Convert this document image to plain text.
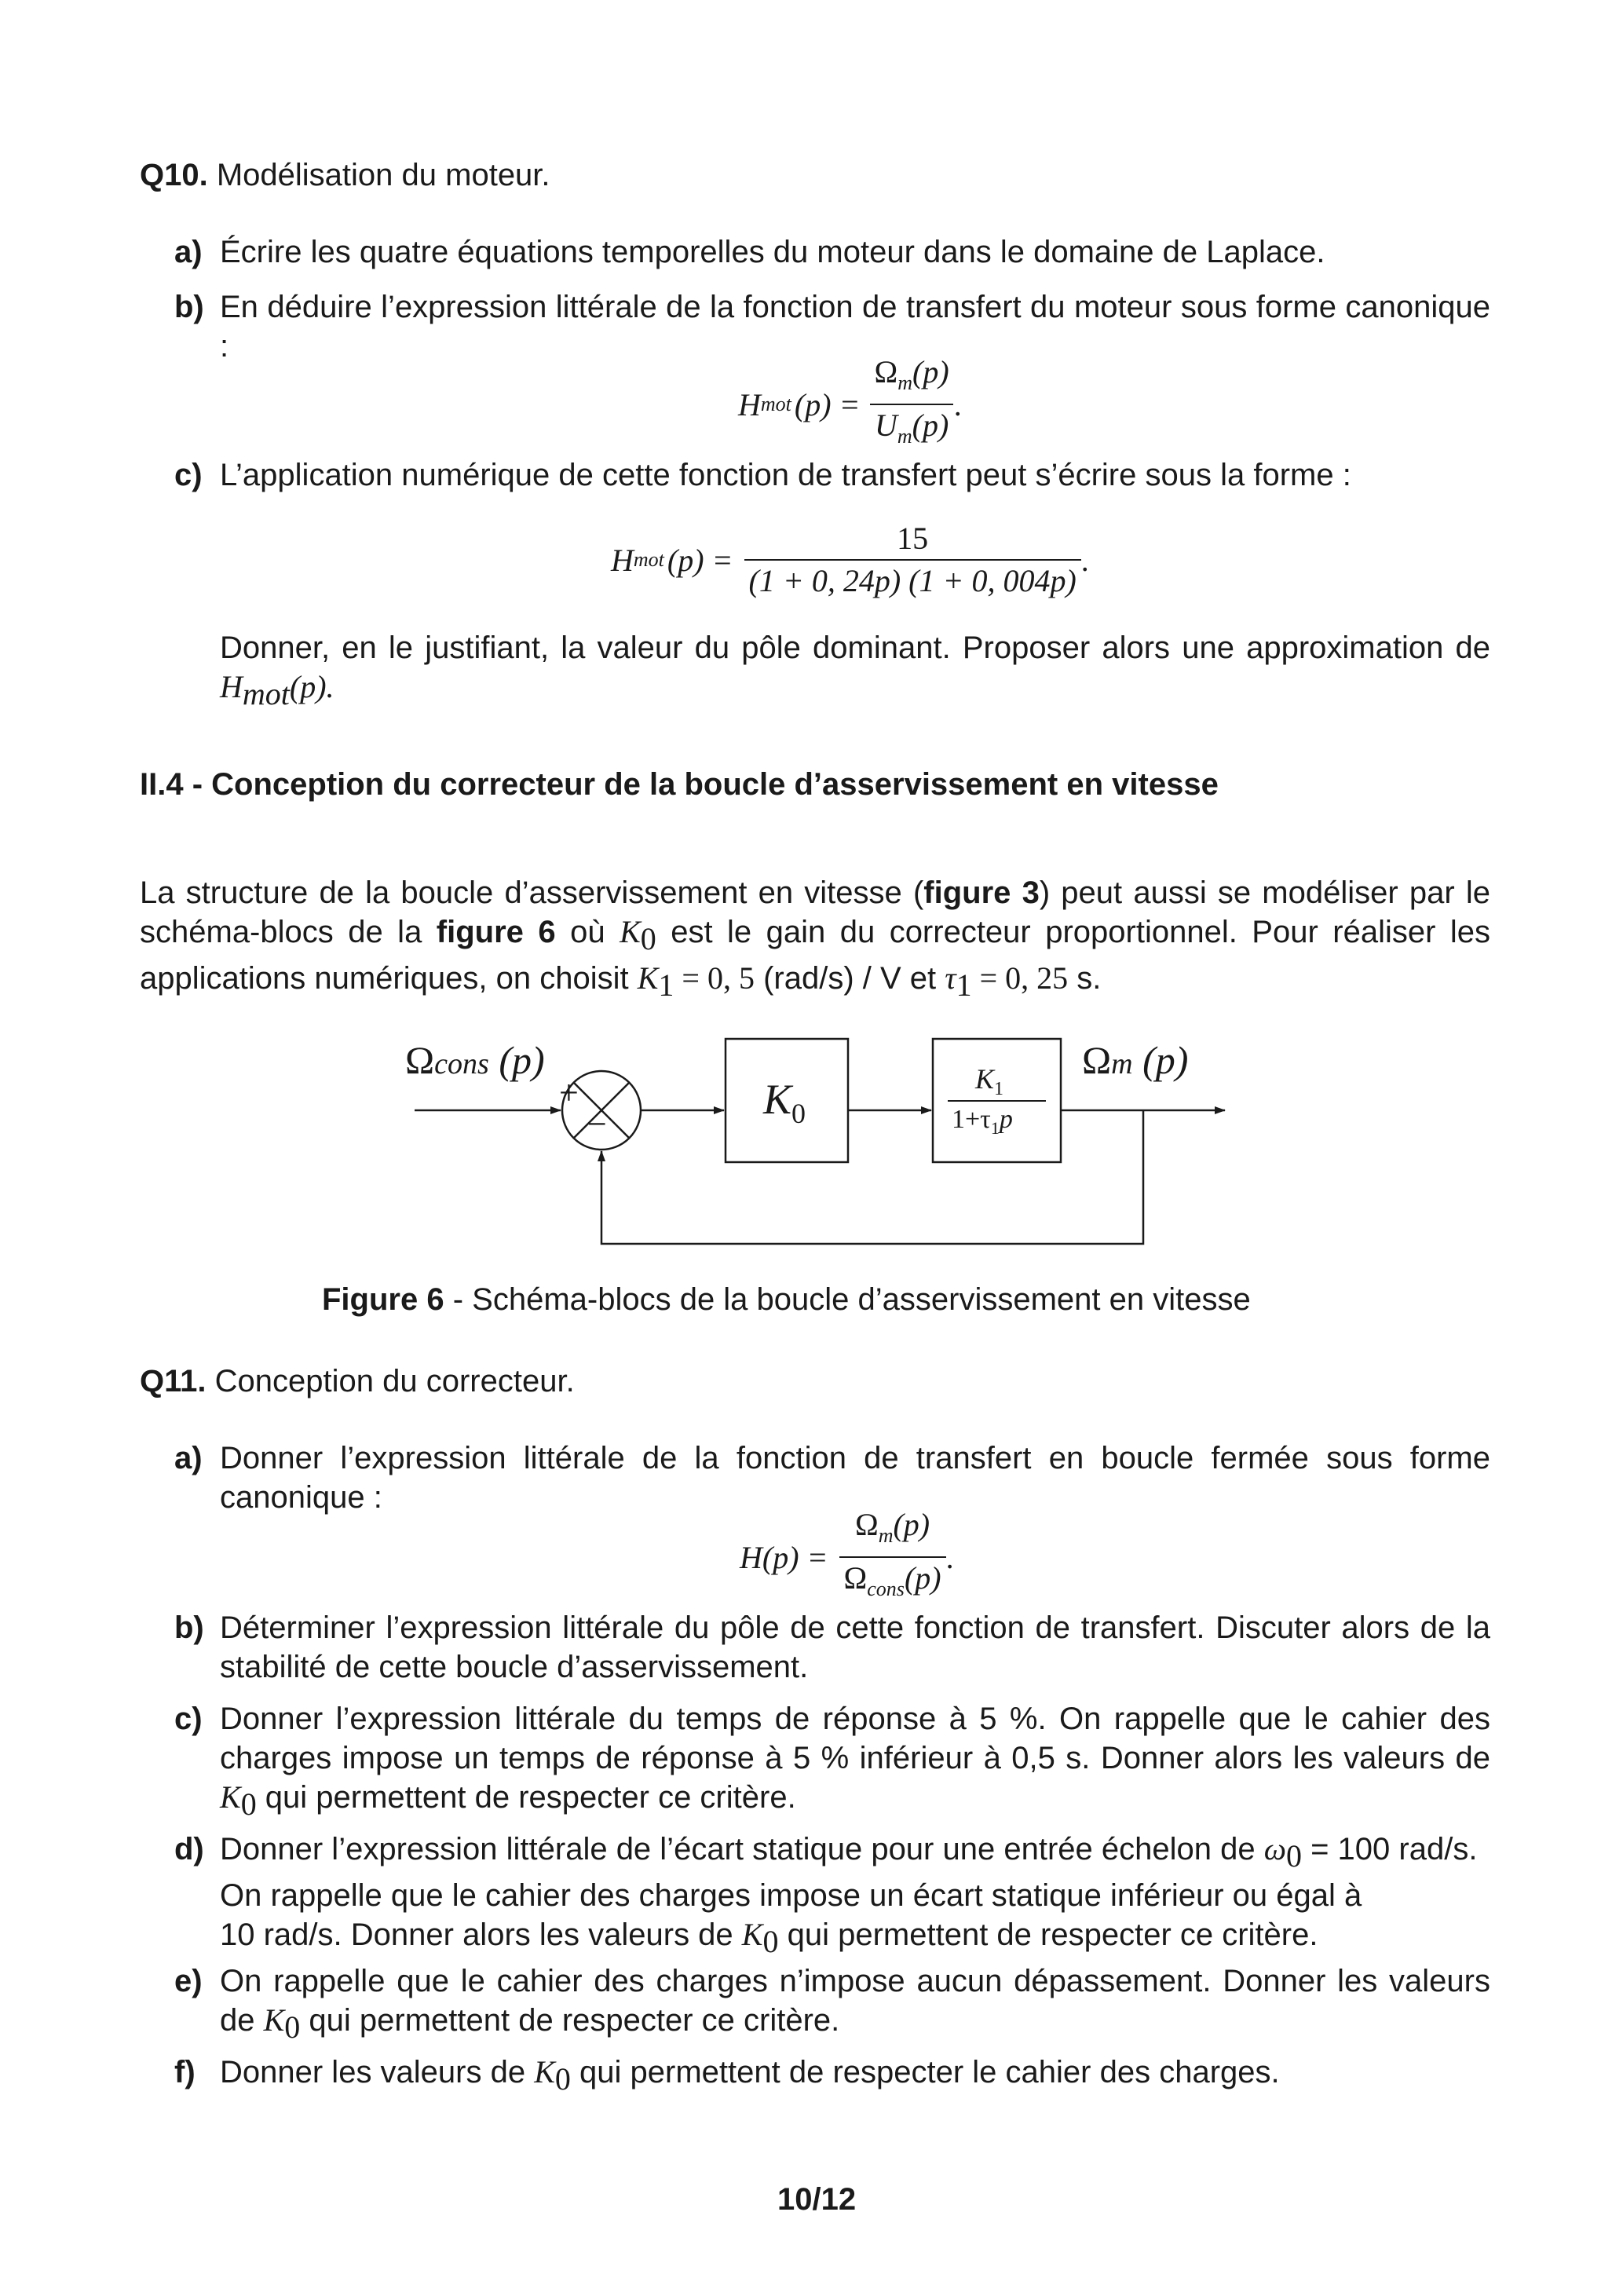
Q10. Modélisation du moteur.
a) Écrire les quatre équations temporelles du moteur dans le domaine de Laplace.
b) En déduire l’expression littérale de la fonction de transfert du moteur sous forme canonique :
H mot $(p) = \frac{\Omega_m(p)}{U_m(p)}$ .
c) L’application numérique de cette fonction de transfert peut s’écrire sous la forme :
H mot $(p) = \frac{15}{(1 + 0, 24p) (1 + 0, 004p)}$ .
Donner, en le justifiant, la valeur du pôle dominant. Proposer alors une approximation de $H_{mot}(p)$.
II.4 - Conception du correcteur de la boucle d’asservissement en vitesse
La structure de la boucle d’asservissement en vitesse (figure 3) peut aussi se modéliser par le schéma-blocs de la figure 6 où $K_0$ est le gain du correcteur proportionnel. Pour réaliser les applications numériques, on choisit $K_1 = 0$, 5 (rad/s) / V et $\tau_1 = 0$, 25 s.
Ωcons (p)
+
−
$K_0$
$K_1$
$1+\tau_1p$
Ωm (p)
Figure 6 - Schéma-blocs de la boucle d’asservissement en vitesse
Q11. Conception du correcteur.
a) Donner l’expression littérale de la fonction de transfert en boucle fermée sous forme canonique :
$H(p) = \frac{\Omega_m(p)}{\Omega_{cons}(p)}$ .
b) Déterminer l’expression littérale du pôle de cette fonction de transfert. Discuter alors de la stabilité de cette boucle d’asservissement.
c) Donner l’expression littérale du temps de réponse à 5 %. On rappelle que le cahier des charges impose un temps de réponse à 5 % inférieur à 0,5 s. Donner alors les valeurs de $K_0$ qui permettent de respecter ce critère.
d) Donner l’expression littérale de l’écart statique pour une entrée échelon de $\omega_0 = 100$ rad/s.
On rappelle que le cahier des charges impose un écart statique inférieur ou égal à
10 rad/s. Donner alors les valeurs de $K_0$ qui permettent de respecter ce critère.
e) On rappelle que le cahier des charges n’impose aucun dépassement. Donner les valeurs de $K_0$ qui permettent de respecter ce critère.
f) Donner les valeurs de $K_0$ qui permettent de respecter le cahier des charges.
10/12
